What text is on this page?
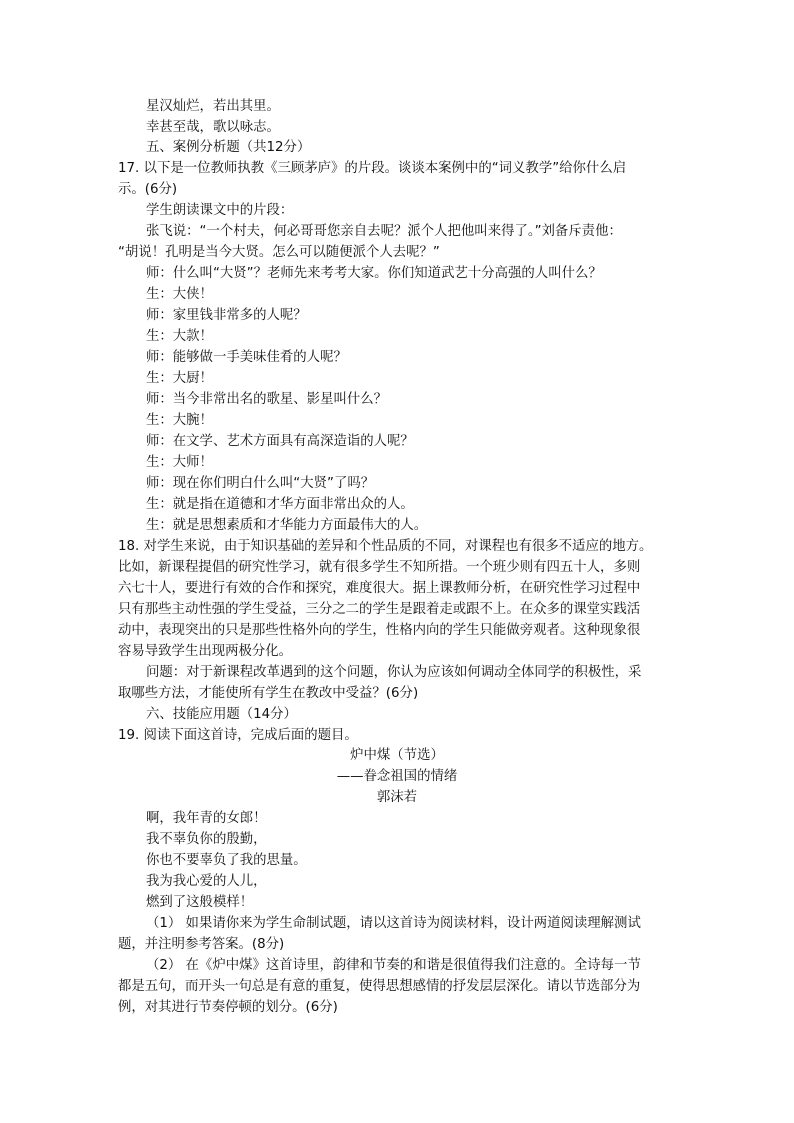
星汉灿烂，若出其里。
幸甚至哉，歌以咏志。
五、案例分析题（共12分）
17. 以下是一位教师执教《三顾茅庐》的片段。谈谈本案例中的“词义教学”给你什么启
示。(6分)
学生朗读课文中的片段：
张飞说：“一个村夫，何必哥哥您亲自去呢？派个人把他叫来得了。”刘备斥责他：
“胡说！孔明是当今大贤。怎么可以随便派个人去呢？”
师：什么叫“大贤”？老师先来考考大家。你们知道武艺十分高强的人叫什么？
生：大侠！
师：家里钱非常多的人呢？
生：大款！
师：能够做一手美味佳肴的人呢？
生：大厨！
师：当今非常出名的歌星、影星叫什么？
生：大腕！
师：在文学、艺术方面具有高深造诣的人呢？
生：大师！
师：现在你们明白什么叫“大贤”了吗？
生：就是指在道德和才华方面非常出众的人。
生：就是思想素质和才华能力方面最伟大的人。
18. 对学生来说，由于知识基础的差异和个性品质的不同，对课程也有很多不适应的地方。
比如，新课程提倡的研究性学习，就有很多学生不知所措。一个班少则有四五十人，多则
六七十人，要进行有效的合作和探究，难度很大。据上课教师分析，在研究性学习过程中
只有那些主动性强的学生受益，三分之二的学生是跟着走或跟不上。在众多的课堂实践活
动中，表现突出的只是那些性格外向的学生，性格内向的学生只能做旁观者。这种现象很
容易导致学生出现两极分化。
问题：对于新课程改革遇到的这个问题，你认为应该如何调动全体同学的积极性，采
取哪些方法，才能使所有学生在教改中受益？(6分)
六、技能应用题（14分）
19. 阅读下面这首诗，完成后面的题目。
炉中煤（节选）
——眷念祖国的情绪
郭沫若
啊，我年青的女郎！
我不辜负你的殷勤，
你也不要辜负了我的思量。
我为我心爱的人儿，
燃到了这般模样！
（1） 如果请你来为学生命制试题，请以这首诗为阅读材料，设计两道阅读理解测试
题，并注明参考答案。(8分)
（2） 在《炉中煤》这首诗里，韵律和节奏的和谐是很值得我们注意的。全诗每一节
都是五句，而开头一句总是有意的重复，使得思想感情的抒发层层深化。请以节选部分为
例，对其进行节奏停顿的划分。(6分)
